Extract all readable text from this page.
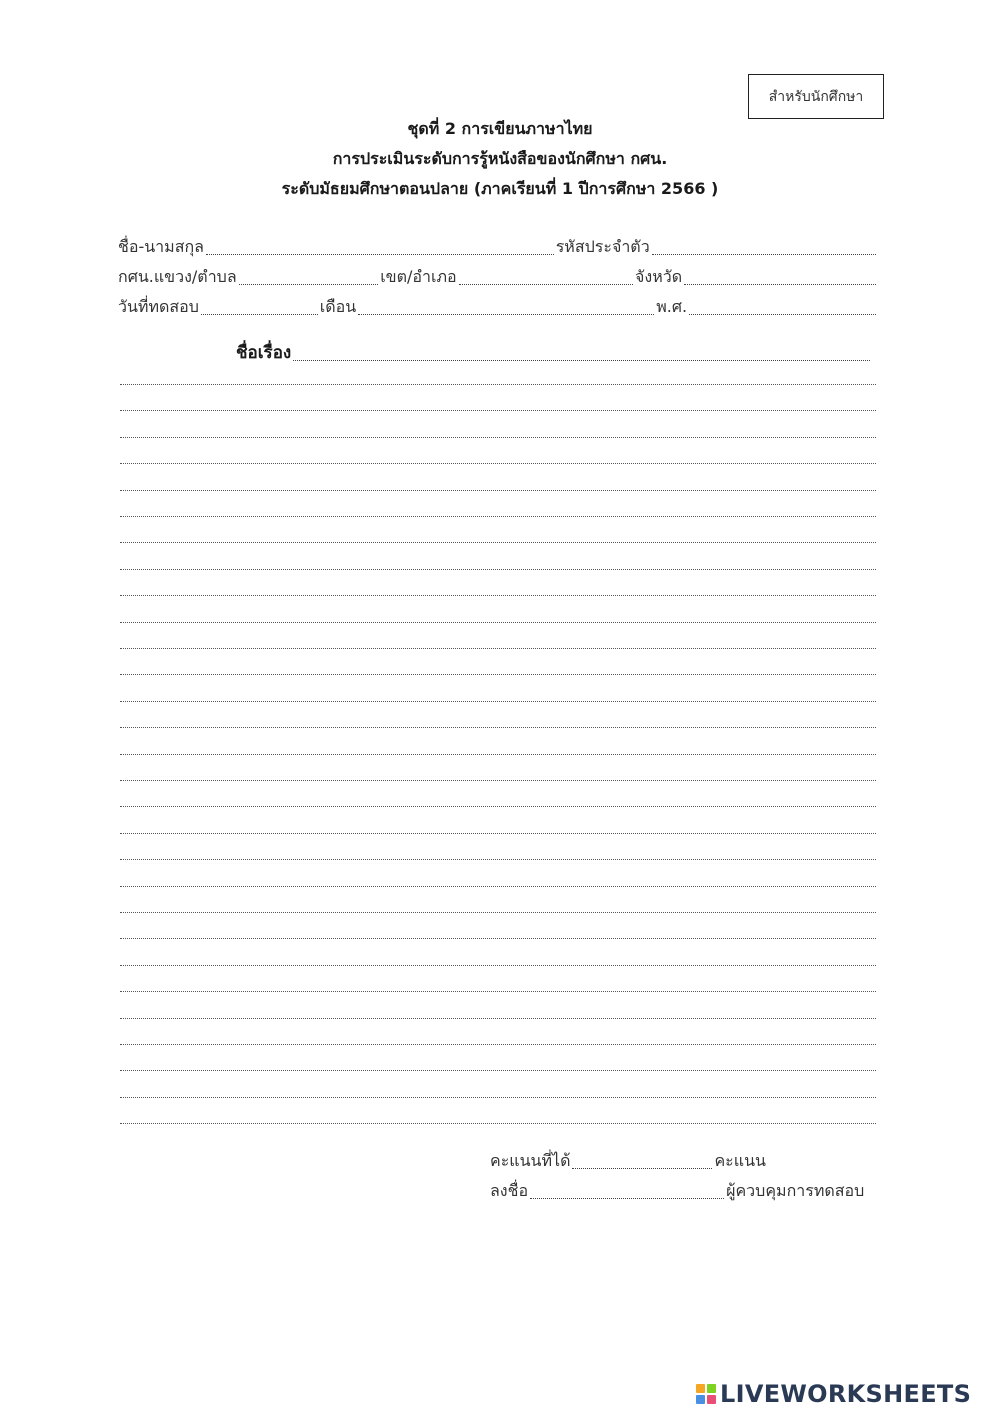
สำหรับนักศึกษา
ชุดที่ 2 การเขียนภาษาไทย
การประเมินระดับการรู้หนังสือของนักศึกษา กศน.
ระดับมัธยมศึกษาตอนปลาย (ภาคเรียนที่ 1 ปีการศึกษา 2566 )
ชื่อ-นามสกุล	รหัสประจำตัว
กศน.แขวง/ตำบล	เขต/อำเภอ	จังหวัด
วันที่ทดสอบ	เดือน	พ.ศ.
ชื่อเรื่อง
คะแนนที่ได้	คะแนน
ลงชื่อ	ผู้ควบคุมการทดสอบ
LIVEWORKSHEETS
